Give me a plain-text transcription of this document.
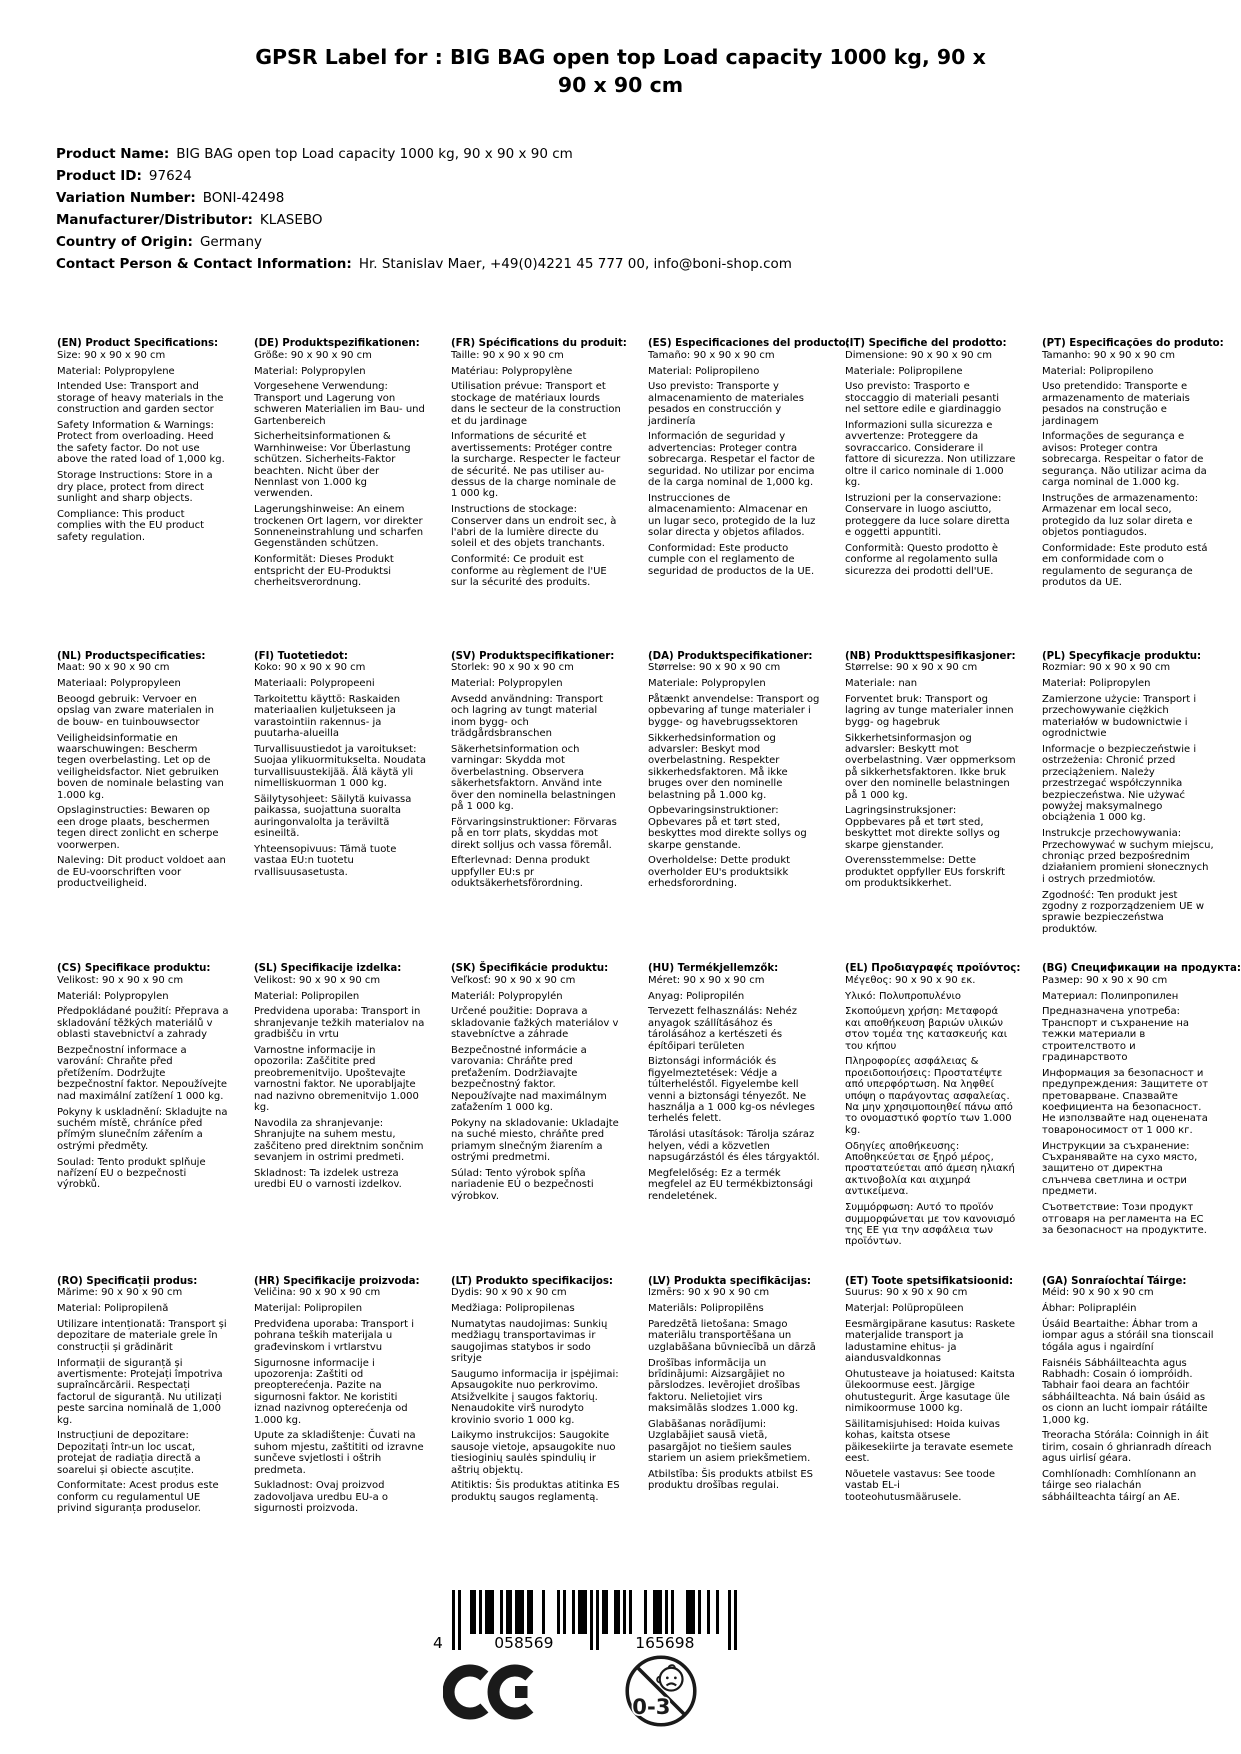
GPSR Label for : BIG BAG open top Load capacity 1000 kg, 90 x 90 x 90 cm
Product Name: BIG BAG open top Load capacity 1000 kg, 90 x 90 x 90 cm
Product ID: 97624
Variation Number: BONI-42498
Manufacturer/Distributor: KLASEBO
Country of Origin: Germany
Contact Person & Contact Information: Hr. Stanislav Maer, +49(0)4221 45 777 00, info@boni-shop.com
(EN) Product Specifications:

Size: 90 x 90 x 90 cm

Material: Polypropylene

Intended Use: Transport and storage of heavy materials in the construction and garden sector

Safety Information & Warnings: Protect from overloading. Heed the safety factor. Do not use above the rated load of 1,000 kg.

Storage Instructions: Store in a dry place, protect from direct sunlight and sharp objects.

Compliance: This product complies with the EU product safety regulation.

(DE) Produktspezifikationen:

Größe: 90 x 90 x 90 cm

Material: Polypropylen

Vorgesehene Verwendung: Transport und Lagerung von schweren Materialien im Bau- und Gartenbereich

Sicherheitsinformationen & Warnhinweise: Vor Überlastung schützen. Sicherheits-Faktor beachten. Nicht über der Nennlast von 1.000 kg verwenden.

Lagerungshinweise: An einem trockenen Ort lagern, vor direkter Sonneneinstrahlung und scharfen Gegenständen schützen.

Konformität: Dieses Produkt entspricht der EU-Produktsi cherheitsverordnung.

(FR) Spécifications du produit:

Taille: 90 x 90 x 90 cm

Matériau: Polypropylène

Utilisation prévue: Transport et stockage de matériaux lourds dans le secteur de la construction et du jardinage

Informations de sécurité et avertissements: Protéger contre la surcharge. Respecter le facteur de sécurité. Ne pas utiliser au-dessus de la charge nominale de 1 000 kg.

Instructions de stockage: Conserver dans un endroit sec, à l'abri de la lumière directe du soleil et des objets tranchants.

Conformité: Ce produit est conforme au règlement de l'UE sur la sécurité des produits.

(ES) Especificaciones del producto:

Tamaño: 90 x 90 x 90 cm

Material: Polipropileno

Uso previsto: Transporte y almacenamiento de materiales pesados en construcción y jardinería

Información de seguridad y advertencias: Proteger contra sobrecarga. Respetar el factor de seguridad. No utilizar por encima de la carga nominal de 1,000 kg.

Instrucciones de almacenamiento: Almacenar en un lugar seco, protegido de la luz solar directa y objetos afilados.

Conformidad: Este producto cumple con el reglamento de seguridad de productos de la UE.

(IT) Specifiche del prodotto:

Dimensione: 90 x 90 x 90 cm

Materiale: Polipropilene

Uso previsto: Trasporto e stoccaggio di materiali pesanti nel settore edile e giardinaggio

Informazioni sulla sicurezza e avvertenze: Proteggere da sovraccarico. Considerare il fattore di sicurezza. Non utilizzare oltre il carico nominale di 1.000 kg.

Istruzioni per la conservazione: Conservare in luogo asciutto, proteggere da luce solare diretta e oggetti appuntiti.

Conformità: Questo prodotto è conforme al regolamento sulla sicurezza dei prodotti dell'UE.

(PT) Especificações do produto:

Tamanho: 90 x 90 x 90 cm

Material: Polipropileno

Uso pretendido: Transporte e armazenamento de materiais pesados na construção e jardinagem

Informações de segurança e avisos: Proteger contra sobrecarga. Respeitar o fator de segurança. Não utilizar acima da carga nominal de 1.000 kg.

Instruções de armazenamento: Armazenar em local seco, protegido da luz solar direta e objetos pontiagudos.

Conformidade: Este produto está em conformidade com o regulamento de segurança de produtos da UE.

(NL) Productspecificaties:

Maat: 90 x 90 x 90 cm

Materiaal: Polypropyleen

Beoogd gebruik: Vervoer en opslag van zware materialen in de bouw- en tuinbouwsector

Veiligheidsinformatie en waarschuwingen: Bescherm tegen overbelasting. Let op de veiligheidsfactor. Niet gebruiken boven de nominale belasting van 1.000 kg.

Opslaginstructies: Bewaren op een droge plaats, beschermen tegen direct zonlicht en scherpe voorwerpen.

Naleving: Dit product voldoet aan de EU-voorschriften voor productveiligheid.

(FI) Tuotetiedot:

Koko: 90 x 90 x 90 cm

Materiaali: Polypropeeni

Tarkoitettu käyttö: Raskaiden materiaalien kuljetukseen ja varastointiin rakennus- ja puutarha-alueilla

Turvallisuustiedot ja varoitukset: Suojaa ylikuormitukselta. Noudata turvallisuustekijää. Älä käytä yli nimelliskuorman 1 000 kg.

Säilytysohjeet: Säilytä kuivassa paikassa, suojattuna suoralta auringonvalolta ja teräviltä esineiltä.

Yhteensopivuus: Tämä tuote vastaa EU:n tuotetu rvallisuusasetusta.

(SV) Produktspecifikationer:

Storlek: 90 x 90 x 90 cm

Material: Polypropylen

Avsedd användning: Transport och lagring av tungt material inom bygg- och trädgårdsbranschen

Säkerhetsinformation och varningar: Skydda mot överbelastning. Observera säkerhetsfaktorn. Använd inte över den nominella belastningen på 1 000 kg.

Förvaringsinstruktioner: Förvaras på en torr plats, skyddas mot direkt solljus och vassa föremål.

Efterlevnad: Denna produkt uppfyller EU:s pr oduktsäkerhetsförordning.

(DA) Produktspecifikationer:

Størrelse: 90 x 90 x 90 cm

Materiale: Polypropylen

Påtænkt anvendelse: Transport og opbevaring af tunge materialer i bygge- og havebrugssektoren

Sikkerhedsinformation og advarsler: Beskyt mod overbelastning. Respekter sikkerhedsfaktoren. Må ikke bruges over den nominelle belastning på 1.000 kg.

Opbevaringsinstruktioner: Opbevares på et tørt sted, beskyttes mod direkte sollys og skarpe genstande.

Overholdelse: Dette produkt overholder EU's produktsikk erhedsforordning.

(NB) Produkttspesifikasjoner:

Størrelse: 90 x 90 x 90 cm

Materiale: nan

Forventet bruk: Transport og lagring av tunge materialer innen bygg- og hagebruk

Sikkerhetsinformasjon og advarsler: Beskytt mot overbelastning. Vær oppmerksom på sikkerhetsfaktoren. Ikke bruk over den nominelle belastningen på 1 000 kg.

Lagringsinstruksjoner: Oppbevares på et tørt sted, beskyttet mot direkte sollys og skarpe gjenstander.

Overensstemmelse: Dette produktet oppfyller EUs forskrift om produktsikkerhet.

(PL) Specyfikacje produktu:

Rozmiar: 90 x 90 x 90 cm

Materiał: Polipropylen

Zamierzone użycie: Transport i przechowywanie ciężkich materiałów w budownictwie i ogrodnictwie

Informacje o bezpieczeństwie i ostrzeżenia: Chronić przed przeciążeniem. Należy przestrzegać współczynnika bezpieczeństwa. Nie używać powyżej maksymalnego obciążenia 1 000 kg.

Instrukcje przechowywania: Przechowywać w suchym miejscu, chroniąc przed bezpośrednim działaniem promieni słonecznych i ostrych przedmiotów.

Zgodność: Ten produkt jest zgodny z rozporządzeniem UE w sprawie bezpieczeństwa produktów.

(CS) Specifikace produktu:

Velikost: 90 x 90 x 90 cm

Materiál: Polypropylen

Předpokládané použití: Přeprava a skladování těžkých materiálů v oblasti stavebnictví a zahrady

Bezpečnostní informace a varování: Chraňte před přetížením. Dodržujte bezpečnostní faktor. Nepoužívejte nad maximální zatížení 1 000 kg.

Pokyny k uskladnění: Skladujte na suchém místě, chráníce před přímým slunečním zářením a ostrými předměty.

Soulad: Tento produkt splňuje nařízení EU o bezpečnosti výrobků.

(SL) Specifikacije izdelka:

Velikost: 90 x 90 x 90 cm

Material: Polipropilen

Predvidena uporaba: Transport in shranjevanje težkih materialov na gradbišču in vrtu

Varnostne informacije in opozorila: Zaščitite pred preobremenitvijo. Upoštevajte varnostni faktor. Ne uporabljajte nad nazivno obremenitvijo 1.000 kg.

Navodila za shranjevanje: Shranjujte na suhem mestu, zaščiteno pred direktnim sončnim sevanjem in ostrimi predmeti.

Skladnost: Ta izdelek ustreza uredbi EU o varnosti izdelkov.

(SK) Špecifikácie produktu:

Veľkosť: 90 x 90 x 90 cm

Materiál: Polypropylén

Určené použitie: Doprava a skladovanie ťažkých materiálov v stavebníctve a záhrade

Bezpečnostné informácie a varovania: Chráňte pred preťažením. Dodržiavajte bezpečnostný faktor. Nepoužívajte nad maximálnym zaťažením 1 000 kg.

Pokyny na skladovanie: Ukladajte na suché miesto, chráňte pred priamym slnečným žiarením a ostrými predmetmi.

Súlad: Tento výrobok spĺňa nariadenie EÚ o bezpečnosti výrobkov.

(HU) Termékjellemzők:

Méret: 90 x 90 x 90 cm

Anyag: Polipropilén

Tervezett felhasználás: Nehéz anyagok szállításához és tárolásához a kertészeti és építőipari területen

Biztonsági információk és figyelmeztetések: Védje a túlterheléstől. Figyelembe kell venni a biztonsági tényezőt. Ne használja a 1 000 kg-os névleges terhelés felett.

Tárolási utasítások: Tárolja száraz helyen, védi a közvetlen napsugárzástól és éles tárgyaktól.

Megfelelőség: Ez a termék megfelel az EU termékbiztonsági rendeletének.

(EL) Προδιαγραφές προϊόντος:

Μέγεθος: 90 x 90 x 90 εκ.

Υλικό: Πολυπροπυλένιο

Σκοπούμενη χρήση: Μεταφορά και αποθήκευση βαριών υλικών στον τομέα της κατασκευής και του κήπου

Πληροφορίες ασφάλειας & προειδοποιήσεις: Προστατέψτε από υπερφόρτωση. Να ληφθεί υπόψη ο παράγοντας ασφαλείας. Να μην χρησιμοποιηθεί πάνω από το ονομαστικό φορτίο των 1.000 kg.

Οδηγίες αποθήκευσης: Αποθηκεύεται σε ξηρό μέρος, προστατεύεται από άμεση ηλιακή ακτινοβολία και αιχμηρά αντικείμενα.

Συμμόρφωση: Αυτό το προϊόν συμμορφώνεται με τον κανονισμό της ΕΕ για την ασφάλεια των προϊόντων.

(BG) Спецификации на продукта:

Размер: 90 x 90 x 90 cm

Материал: Полипропилен

Предназначена употреба: Транспорт и съхранение на тежки материали в строителството и градинарството

Информация за безопасност и предупреждения: Защитете от претоварване. Спазвайте коефициента на безопасност. Не използвайте над оценената товароносимост от 1 000 кг.

Инструкции за съхранение: Съхранявайте на сухо място, защитено от директна слънчева светлина и остри предмети.

Съответствие: Този продукт отговаря на регламента на ЕС за безопасност на продуктите.

(RO) Specificații produs:

Mărime: 90 x 90 x 90 cm

Material: Polipropilenă

Utilizare intenționată: Transport și depozitare de materiale grele în construcții și grădinărit

Informații de siguranță și avertismente: Protejați împotriva supraîncărcării. Respectați factorul de siguranță. Nu utilizați peste sarcina nominală de 1,000 kg.

Instrucțiuni de depozitare: Depozitați într-un loc uscat, protejat de radiația directă a soarelui și obiecte ascuțite.

Conformitate: Acest produs este conform cu regulamentul UE privind siguranța produselor.

(HR) Specifikacije proizvoda:

Veličina: 90 x 90 x 90 cm

Materijal: Polipropilen

Predviđena uporaba: Transport i pohrana teških materijala u građevinskom i vrtlarstvu

Sigurnosne informacije i upozorenja: Zaštiti od preopterećenja. Pazite na sigurnosni faktor. Ne koristiti iznad nazivnog opterećenja od 1.000 kg.

Upute za skladištenje: Čuvati na suhom mjestu, zaštititi od izravne sunčeve svjetlosti i oštrih predmeta.

Sukladnost: Ovaj proizvod zadovoljava uredbu EU-a o sigurnosti proizvoda.

(LT) Produkto specifikacijos:

Dydis: 90 x 90 x 90 cm

Medžiaga: Polipropilenas

Numatytas naudojimas: Sunkių medžiagų transportavimas ir saugojimas statybos ir sodo srityje

Saugumo informacija ir įspėjimai: Apsaugokite nuo perkrovimo. Atsižvelkite į saugos faktorių. Nenaudokite virš nurodyto krovinio svorio 1 000 kg.

Laikymo instrukcijos: Saugokite sausoje vietoje, apsaugokite nuo tiesioginių saulės spindulių ir aštrių objektų.

Atitiktis: Šis produktas atitinka ES produktų saugos reglamentą.

(LV) Produkta specifikācijas:

Izmērs: 90 x 90 x 90 cm

Materiāls: Polipropilēns

Paredzētā lietošana: Smago materiālu transportēšana un uzglabāšana būvniecībā un dārzā

Drošības informācija un brīdinājumi: Aizsargājiet no pārslodzes. Ievērojiet drošības faktoru. Nelietojiet virs maksimālās slodzes 1.000 kg.

Glabāšanas norādījumi: Uzglabājiet sausā vietā, pasargājot no tiešiem saules stariem un asiem priekšmetiem.

Atbilstība: Šis produkts atbilst ES produktu drošības regulai.

(ET) Toote spetsifikatsioonid:

Suurus: 90 x 90 x 90 cm

Materjal: Polüpropüleen

Eesmärgipärane kasutus: Raskete materjalide transport ja ladustamine ehitus- ja aiandusvaldkonnas

Ohutusteave ja hoiatused: Kaitsta ülekoormuse eest. Järgige ohutustegurit. Ärge kasutage üle nimikoormuse 1000 kg.

Säilitamisjuhised: Hoida kuivas kohas, kaitsta otsese päikesekiirte ja teravate esemete eest.

Nõuetele vastavus: See toode vastab EL-i tooteohutusmäärusele.

(GA) Sonraíochtaí Táirge:

Méid: 90 x 90 x 90 cm

Ábhar: Poliprapléin

Úsáid Beartaithe: Ábhar trom a iompar agus a stóráil sna tionscail tógála agus i ngairdíní

Faisnéis Sábháilteachta agus Rabhadh: Cosain ó iompróidh. Tabhair faoi deara an fachtóir sábháilteachta. Ná bain úsáid as os cionn an lucht iompair rátáilte 1,000 kg.

Treoracha Stórála: Coinnigh in áit tirim, cosain ó ghrianradh díreach agus uirlisí géara.

Comhlíonadh: Comhlíonann an táirge seo rialachán sábháilteachta táirgí an AE.

4	058569	165698
0-3
